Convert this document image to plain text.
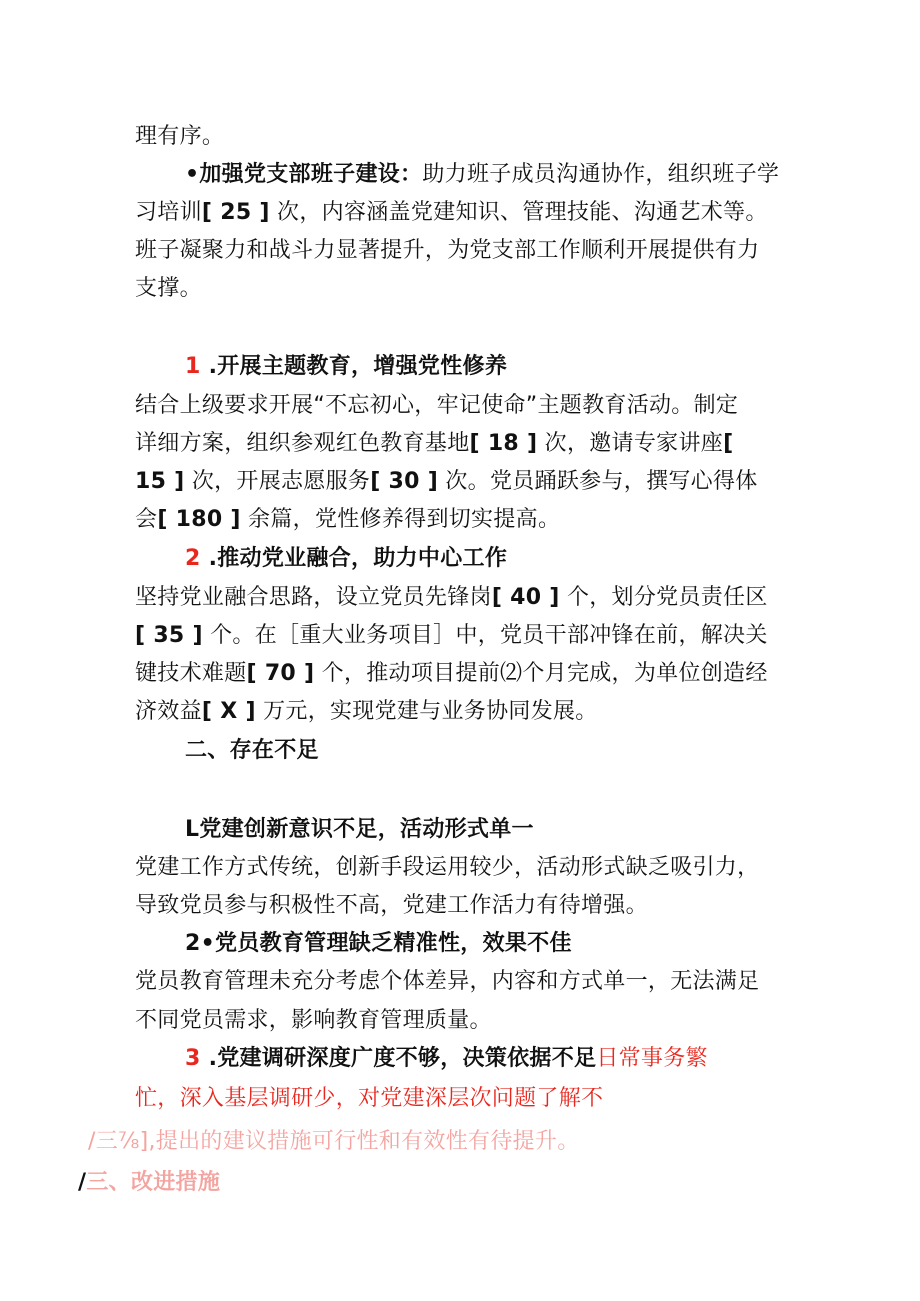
理有序。
•加强党支部班子建设：助力班子成员沟通协作，组织班子学
习培训[ 25 ] 次，内容涵盖党建知识、管理技能、沟通艺术等。
班子凝聚力和战斗力显著提升，为党支部工作顺利开展提供有力
支撑。
1 .开展主题教育，增强党性修养
结合上级要求开展“不忘初心，牢记使命”主题教育活动。制定
详细方案，组织参观红色教育基地[ 18 ] 次，邀请专家讲座[
15 ] 次，开展志愿服务[ 30 ] 次。党员踊跃参与，撰写心得体
会[ 180 ] 余篇，党性修养得到切实提高。
2 .推动党业融合，助力中心工作
坚持党业融合思路，设立党员先锋岗[ 40 ] 个，划分党员责任区
[ 35 ] 个。在［重大业务项目］中，党员干部冲锋在前，解决关
键技术难题[ 70 ] 个，推动项目提前⑵个月完成，为单位创造经
济效益[ X ] 万元，实现党建与业务协同发展。
二、存在不足
L党建创新意识不足，活动形式单一
党建工作方式传统，创新手段运用较少，活动形式缺乏吸引力，
导致党员参与积极性不高，党建工作活力有待增强。
2•党员教育管理缺乏精准性，效果不佳
党员教育管理未充分考虑个体差异，内容和方式单一，无法满足
不同党员需求，影响教育管理质量。
3 .党建调研深度广度不够，决策依据不足日常事务繁
忙，深入基层调研少，对党建深层次问题了解不
/三⅞],提出的建议措施可行性和有效性有待提升。
/三、改进措施
